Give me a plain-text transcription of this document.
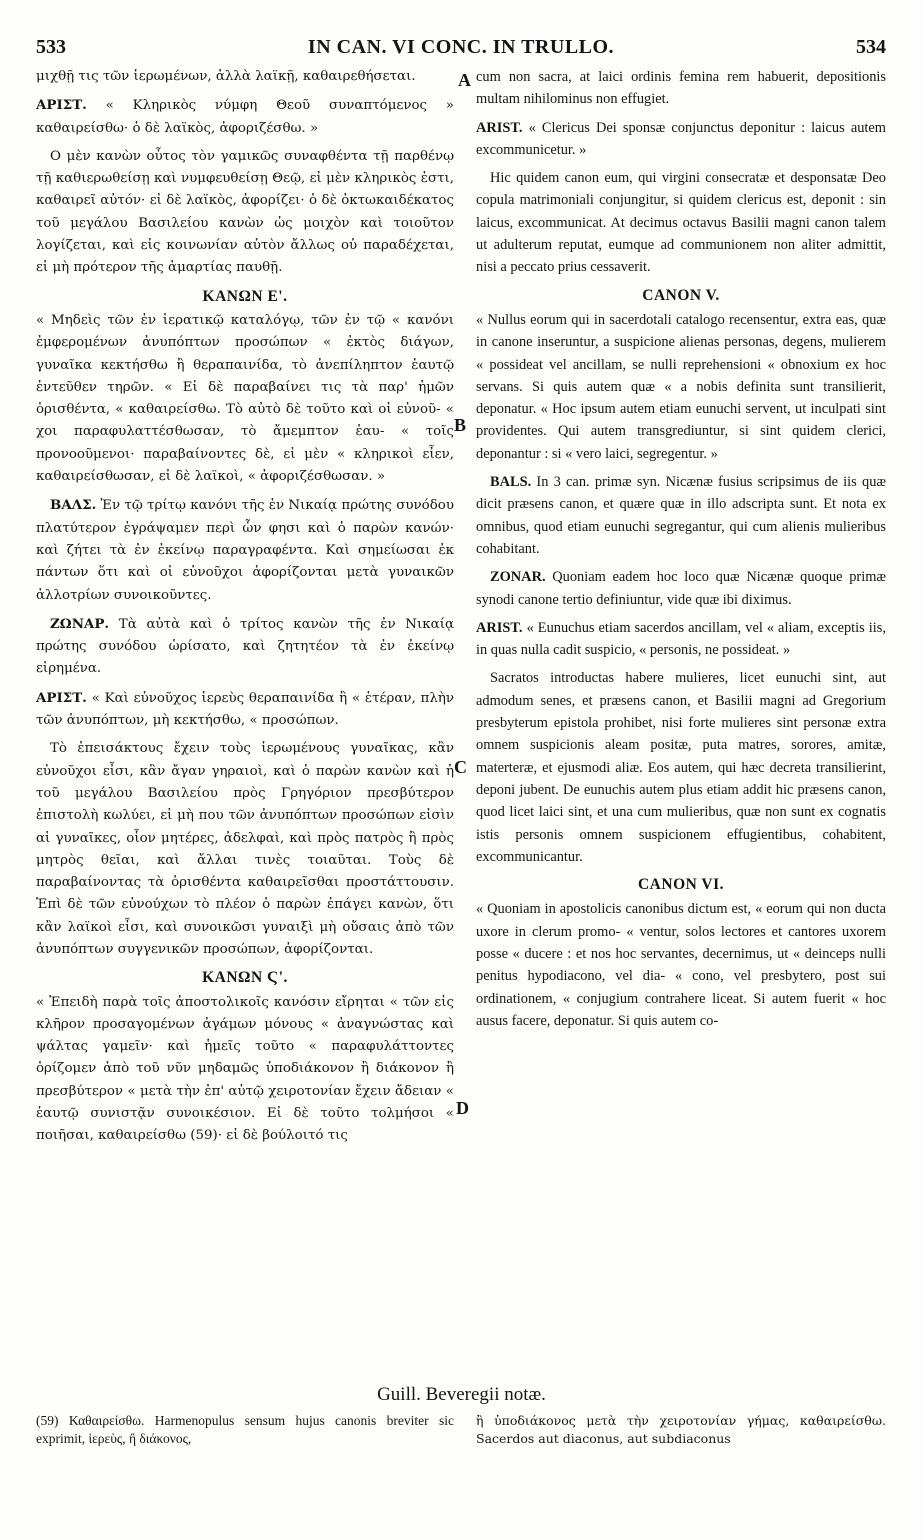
533	IN CAN. VI CONC. IN TRULLO.	534
A
B
C
D

μιχθῇ τις τῶν ἱερωμένων, ἀλλὰ λαϊκῇ, καθαιρεθήσεται.

ΑΡΙΣΤ. « Κληρικὸς νύμφη Θεοῦ συναπτόμενος » καθαιρείσθω· ὁ δὲ λαϊκὸς, ἀφοριζέσθω. »

Ο μὲν κανὼν οὗτος τὸν γαμικῶς συναφθέντα τῇ παρθένῳ τῇ καθιερωθείσῃ καὶ νυμφευθείσῃ Θεῷ, εἰ μὲν κληρικὸς ἐστι, καθαιρεῖ αὐτόν· εἰ δὲ λαϊκὸς, ἀφορίζει· ὁ δὲ ὀκτωκαιδέκατος τοῦ μεγάλου Βασιλείου κανὼν ὡς μοιχὸν καὶ τοιοῦτον λογίζεται, καὶ εἰς κοινωνίαν αὐτὸν ἄλλως οὐ παραδέχεται, εἰ μὴ πρότερον τῆς ἁμαρτίας παυθῇ.

ΚΑΝΩΝ Ε'.

« Μηδεὶς τῶν ἐν ἱερατικῷ καταλόγῳ, τῶν ἐν τῷ « κανόνι ἐμφερομένων ἀνυπόπτων προσώπων « ἐκτὸς διάγων, γυναῖκα κεκτήσθω ἢ θεραπαινίδα, τὸ ἀνεπίληπτον ἑαυτῷ ἐντεῦθεν τηρῶν. « Εἰ δὲ παραβαίνει τις τὰ παρ' ἡμῶν ὁρισθέντα, « καθαιρείσθω. Τὸ αὐτὸ δὲ τοῦτο καὶ οἱ εὐνοῦ- « χοι παραφυλαττέσθωσαν, τὸ ἄμεμπτον ἑαυ- « τοῖς προνοοῦμενοι· παραβαίνοντες δὲ, εἰ μὲν « κληρικοὶ εἶεν, καθαιρείσθωσαν, εἰ δὲ λαϊκοὶ, « ἀφοριζέσθωσαν. »

ΒΑΛΣ. Ἐν τῷ τρίτῳ κανόνι τῆς ἐν Νικαίᾳ πρώτης συνόδου πλατύτερον ἐγράψαμεν περὶ ὧν φησι καὶ ὁ παρὼν κανών· καὶ ζήτει τὰ ἐν ἐκείνῳ παραγραφέντα. Καὶ σημείωσαι ἐκ πάντων ὅτι καὶ οἱ εὐνοῦχοι ἀφορίζονται μετὰ γυναικῶν ἀλλοτρίων συνοικοῦντες.

ΖΩΝΑΡ. Τὰ αὐτὰ καὶ ὁ τρίτος κανὼν τῆς ἐν Νικαίᾳ πρώτης συνόδου ὡρίσατο, καὶ ζητητέον τὰ ἐν ἐκείνῳ εἰρημένα.

ΑΡΙΣΤ. « Καὶ εὐνοῦχος ἱερεὺς θεραπαινίδα ἢ « ἑτέραν, πλὴν τῶν ἀνυπόπτων, μὴ κεκτήσθω, « προσώπων.

Τὸ ἐπεισάκτους ἔχειν τοὺς ἱερωμένους γυναῖκας, κἂν εὐνοῦχοι εἶσι, κἂν ἄγαν γηραιοὶ, καὶ ὁ παρὼν κανὼν καὶ ἡ τοῦ μεγάλου Βασιλείου πρὸς Γρηγόριον πρεσβύτερον ἐπιστολὴ κωλύει, εἰ μὴ που τῶν ἀνυπόπτων προσώπων εἰσὶν αἱ γυναῖκες, οἷον μητέρες, ἀδελφαὶ, καὶ πρὸς πατρὸς ἢ πρὸς μητρὸς θεῖαι, καὶ ἄλλαι τινὲς τοιαῦται. Τοὺς δὲ παραβαίνοντας τὰ ὁρισθέντα καθαιρεῖσθαι προστάττουσιν. Ἐπὶ δὲ τῶν εὐνούχων τὸ πλέον ὁ παρὼν ἐπάγει κανὼν, ὅτι κἂν λαϊκοὶ εἶσι, καὶ συνοικῶσι γυναιξὶ μὴ οὔσαις ἀπὸ τῶν ἀνυπόπτων συγγενικῶν προσώπων, ἀφορίζονται.

ΚΑΝΩΝ Ϛ'.

« Ἐπειδὴ παρὰ τοῖς ἀποστολικοῖς κανόσιν εἴρηται « τῶν εἰς κλῆρον προσαγομένων ἀγάμων μόνους « ἀναγνώστας καὶ ψάλτας γαμεῖν· καὶ ἡμεῖς τοῦτο « παραφυλάττοντες ὁρίζομεν ἀπὸ τοῦ νῦν μηδαμῶς ὑποδιάκονον ἢ διάκονον ἢ πρεσβύτερον « μετὰ τὴν ἐπ' αὐτῷ χειροτονίαν ἔχειν ἄδειαν « ἑαυτῷ συνιστᾷν συνοικέσιον. Εἰ δὲ τοῦτο τολμήσοι « ποιῆσαι, καθαιρείσθω (59)· εἰ δὲ βούλοιτό τις

cum non sacra, at laici ordinis femina rem habuerit, depositionis multam nihilominus non effugiet.

ARIST. « Clericus Dei sponsæ conjunctus deponitur : laicus autem excommunicetur. »

Hic quidem canon eum, qui virgini consecratæ et desponsatæ Deo copula matrimoniali conjungitur, si quidem clericus est, deponit : sin laicus, excommunicat. At decimus octavus Basilii magni canon talem ut adulterum reputat, eumque ad communionem non aliter admittit, nisi a peccato prius cessaverit.

CANON V.

« Nullus eorum qui in sacerdotali catalogo recensentur, extra eas, quæ in canone inseruntur, a suspicione alienas personas, degens, mulierem « possideat vel ancillam, se nulli reprehensioni « obnoxium ex hoc servans. Si quis autem quæ « a nobis definita sunt transilierit, deponatur. « Hoc ipsum autem etiam eunuchi servent, ut inculpati sint providentes. Qui autem transgrediuntur, si sint quidem clerici, deponantur : si « vero laici, segregentur. »

BALS. In 3 can. primæ syn. Nicænæ fusius scripsimus de iis quæ dicit præsens canon, et quære quæ in illo adscripta sunt. Et nota ex omnibus, quod etiam eunuchi segregantur, qui cum alienis mulieribus cohabitant.

ZONAR. Quoniam eadem hoc loco quæ Nicænæ quoque primæ synodi canone tertio definiuntur, vide quæ ibi diximus.

ARIST. « Eunuchus etiam sacerdos ancillam, vel « aliam, exceptis iis, in quas nulla cadit suspicio, « personis, ne possideat. »

Sacratos introductas habere mulieres, licet eunuchi sint, aut admodum senes, et præsens canon, et Basilii magni ad Gregorium presbyterum epistola prohibet, nisi forte mulieres sint personæ extra omnem suspicionis aleam positæ, puta matres, sorores, amitæ, materteræ, et ejusmodi aliæ. Eos autem, qui hæc decreta transilierint, deponi jubent. De eunuchis autem plus etiam addit hic præsens canon, quod licet laici sint, et una cum mulieribus, quæ non sunt ex cognatis istis personis omnem suspicionem effugientibus, cohabitent, excommunicantur.

CANON VI.

« Quoniam in apostolicis canonibus dictum est, « eorum qui non ducta uxore in clerum promo- « ventur, solos lectores et cantores uxorem posse « ducere : et nos hoc servantes, decernimus, ut « deinceps nulli penitus hypodiacono, vel dia- « cono, vel presbytero, post sui ordinationem, « conjugium contrahere liceat. Si autem fuerit « hoc ausus facere, deponatur. Si quis autem co-

Guill. Beveregii notæ.
(59) Καθαιρείσθω. Harmenopulus sensum hujus canonis breviter sic exprimit, ἱερεὺς, ἢ διάκονος,
ἢ ὑποδιάκονος μετὰ τὴν χειροτονίαν γήμας, καθαιρείσθω. Sacerdos aut diaconus, aut subdiaconus
